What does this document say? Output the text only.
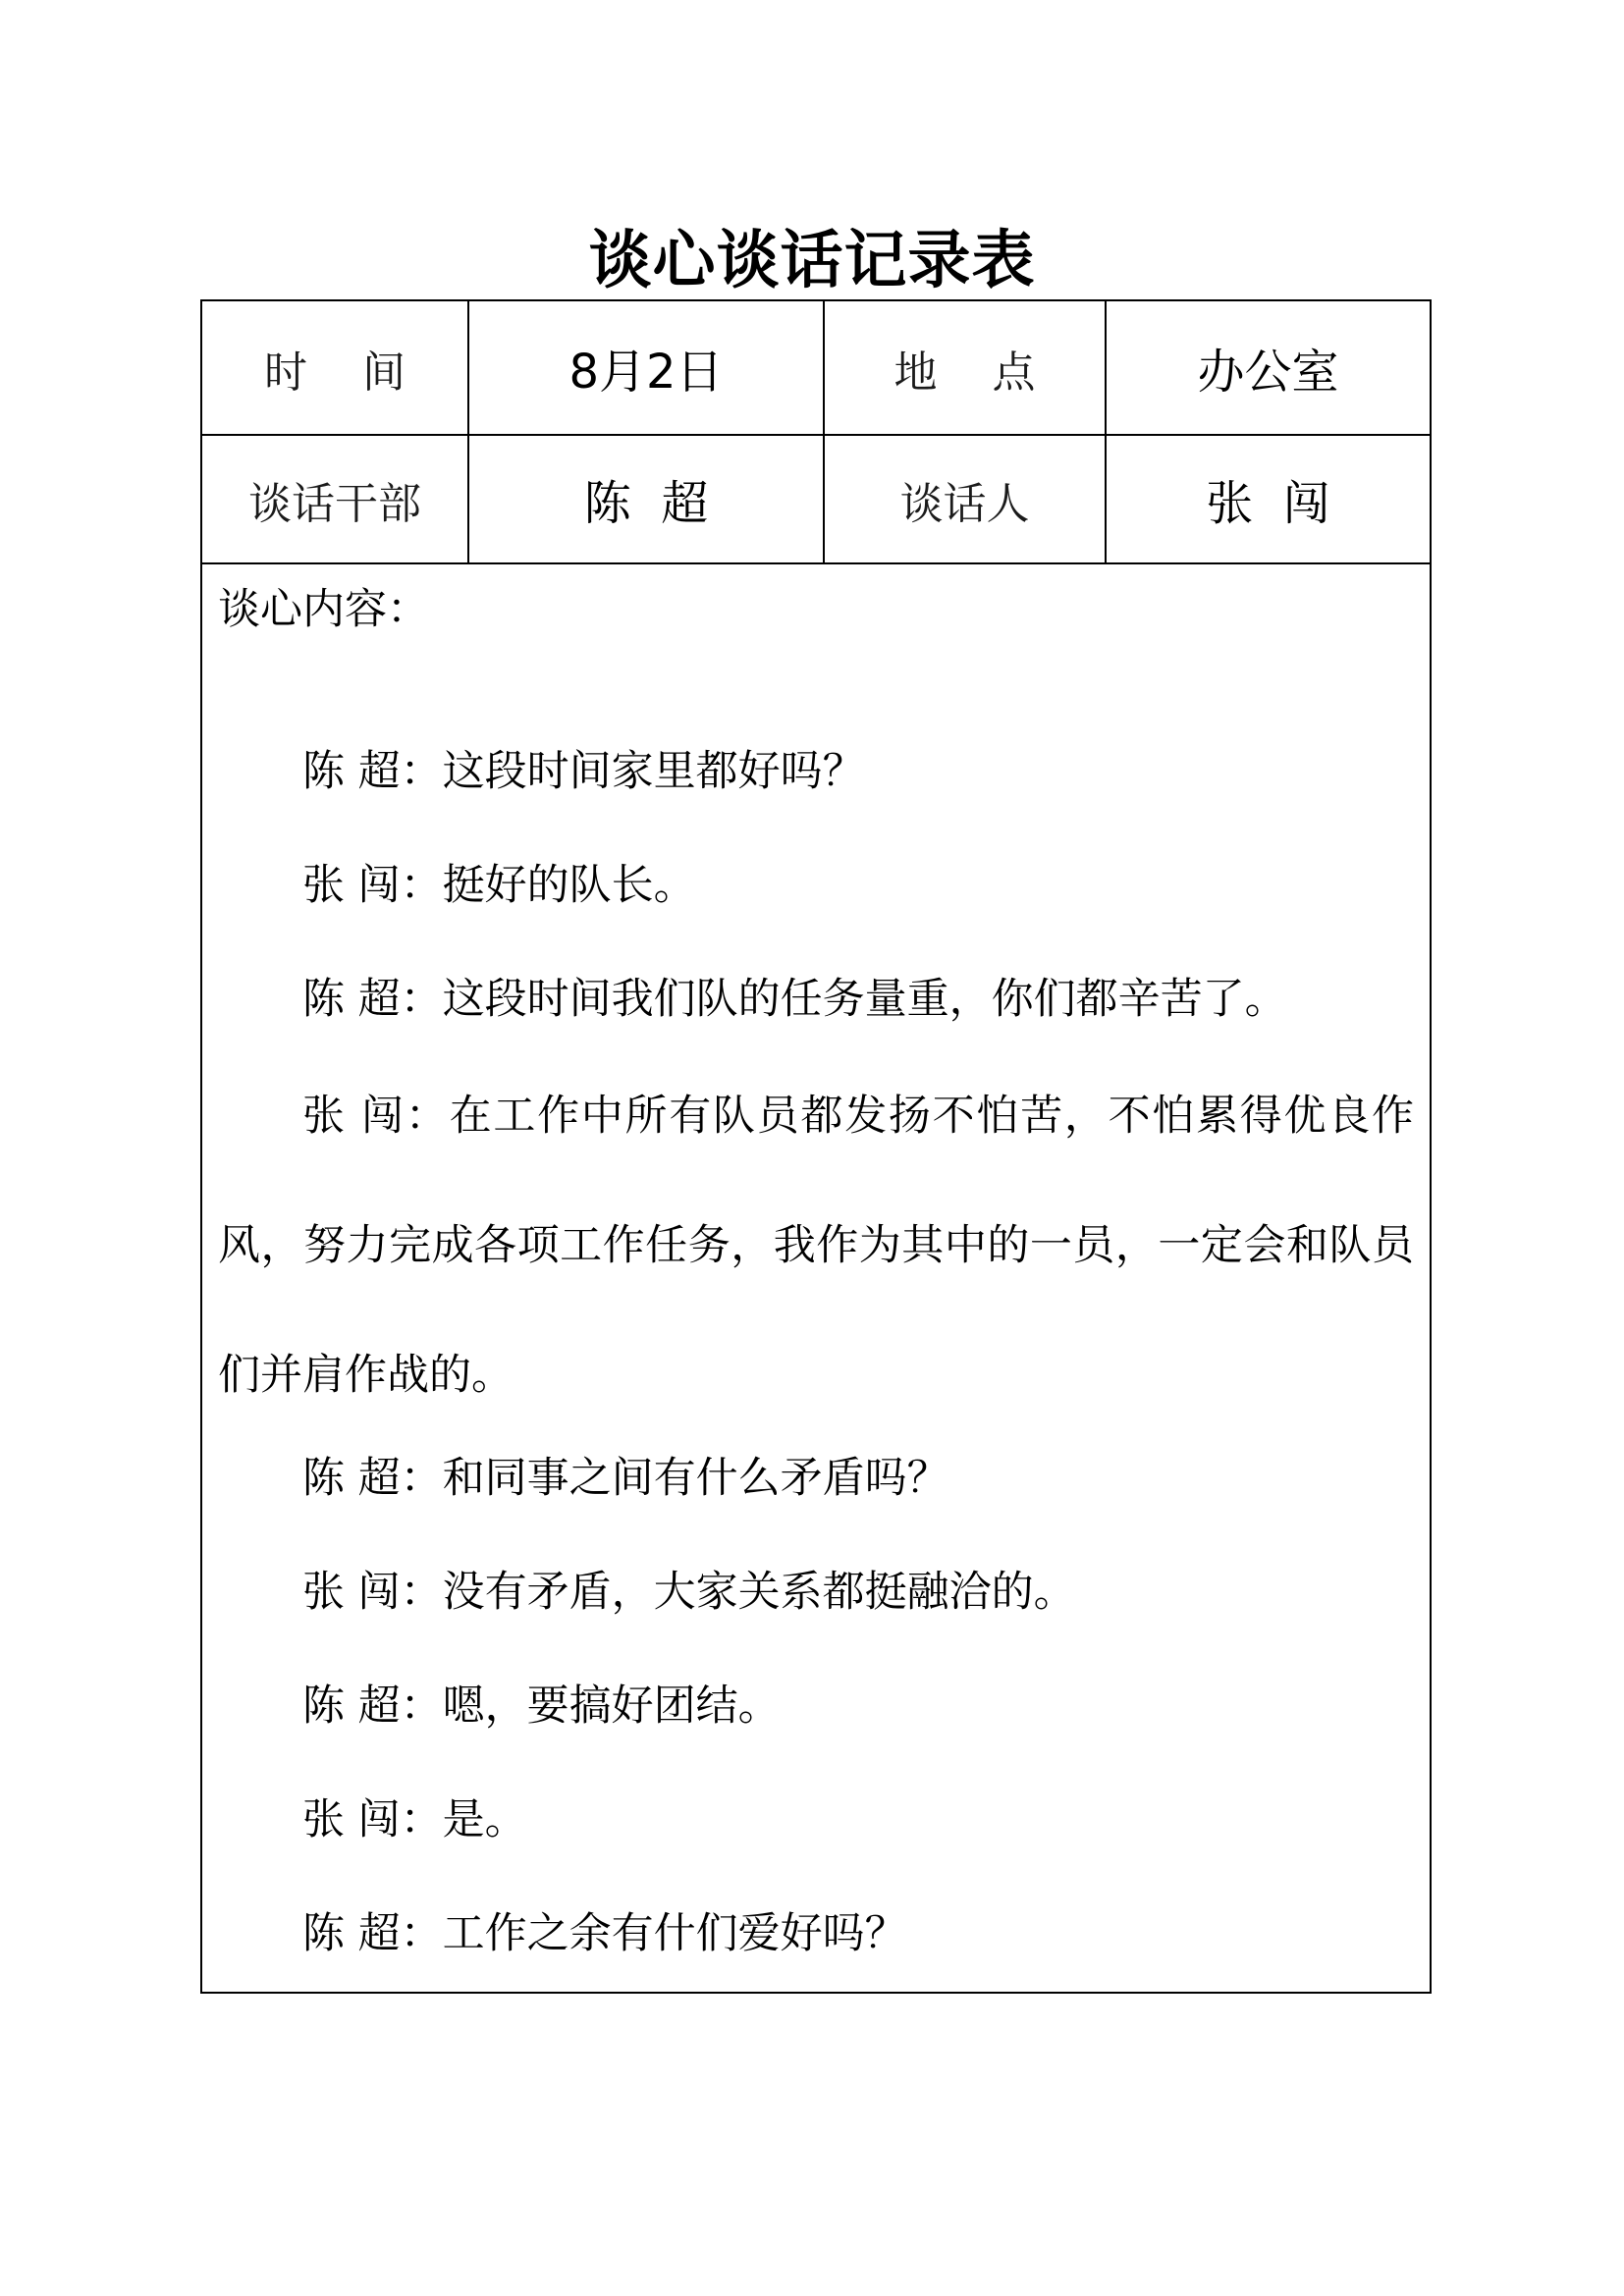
谈心谈话记录表
时    间	8月2日	地    点	办公室
谈话干部	陈  超	谈话人	张  闯
谈心内容：

陈 超：这段时间家里都好吗？

张 闯：挺好的队长。

陈 超：这段时间我们队的任务量重，你们都辛苦了。

张 闯：在工作中所有队员都发扬不怕苦，不怕累得优良作风，努力完成各项工作任务，我作为其中的一员，一定会和队员们并肩作战的。

陈 超：和同事之间有什么矛盾吗？

张 闯：没有矛盾，大家关系都挺融洽的。

陈 超：嗯，要搞好团结。

张 闯：是。

陈 超：工作之余有什们爱好吗？
